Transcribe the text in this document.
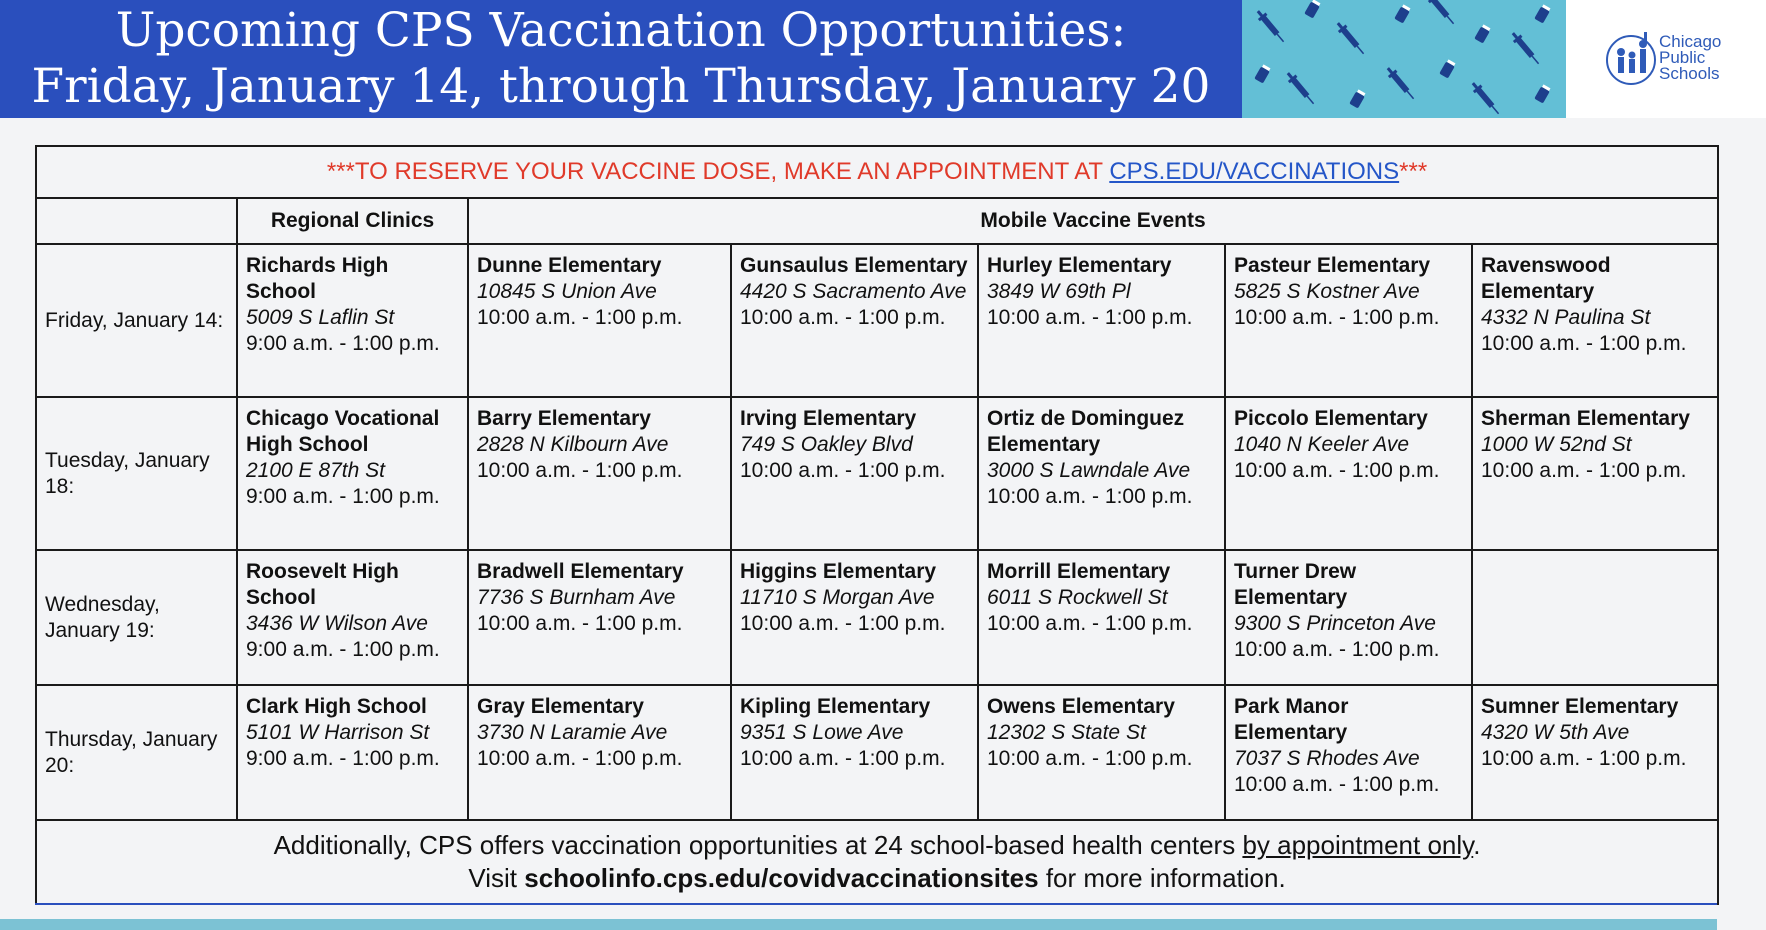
Upcoming CPS Vaccination Opportunities:
Friday, January 14, through Thursday, January 20
Chicago
Public
Schools
***TO RESERVE YOUR VACCINE DOSE, MAKE AN APPOINTMENT AT CPS.EDU/VACCINATIONS***						
	Regional Clinics	Mobile Vaccine Events				
Friday, January 14:	Richards High School
5009 S Laflin St
9:00 a.m. - 1:00 p.m.	Dunne Elementary
10845 S Union Ave
10:00 a.m. - 1:00 p.m.	Gunsaulus Elementary
4420 S Sacramento Ave
10:00 a.m. - 1:00 p.m.	Hurley Elementary
3849 W 69th Pl
10:00 a.m. - 1:00 p.m.	Pasteur Elementary
5825 S Kostner Ave
10:00 a.m. - 1:00 p.m.	Ravenswood Elementary
4332 N Paulina St
10:00 a.m. - 1:00 p.m.

Tuesday, January 18:	Chicago Vocational High School
2100 E 87th St
9:00 a.m. - 1:00 p.m.	Barry Elementary
2828 N Kilbourn Ave
10:00 a.m. - 1:00 p.m.	Irving Elementary
749 S Oakley Blvd
10:00 a.m. - 1:00 p.m.	Ortiz de Dominguez Elementary
3000 S Lawndale Ave
10:00 a.m. - 1:00 p.m.	Piccolo Elementary
1040 N Keeler Ave
10:00 a.m. - 1:00 p.m.	Sherman Elementary
1000 W 52nd St
10:00 a.m. - 1:00 p.m.

Wednesday, January 19:	Roosevelt High School
3436 W Wilson Ave
9:00 a.m. - 1:00 p.m.	Bradwell Elementary
7736 S Burnham Ave
10:00 a.m. - 1:00 p.m.	Higgins Elementary
11710 S Morgan Ave
10:00 a.m. - 1:00 p.m.	Morrill Elementary
6011 S Rockwell St
10:00 a.m. - 1:00 p.m.	Turner Drew Elementary
9300 S Princeton Ave
10:00 a.m. - 1:00 p.m.	

Thursday, January 20:	Clark High School
5101 W Harrison St
9:00 a.m. - 1:00 p.m.	Gray Elementary
3730 N Laramie Ave
10:00 a.m. - 1:00 p.m.	Kipling Elementary
9351 S Lowe Ave
10:00 a.m. - 1:00 p.m.	Owens Elementary
12302 S State St
10:00 a.m. - 1:00 p.m.	Park Manor Elementary
7037 S Rhodes Ave
10:00 a.m. - 1:00 p.m.	Sumner Elementary
4320 W 5th Ave
10:00 a.m. - 1:00 p.m.

Additionally, CPS offers vaccination opportunities at 24 school-based health centers by appointment only.
Visit schoolinfo.cps.edu/covidvaccinationsites for more information.						
